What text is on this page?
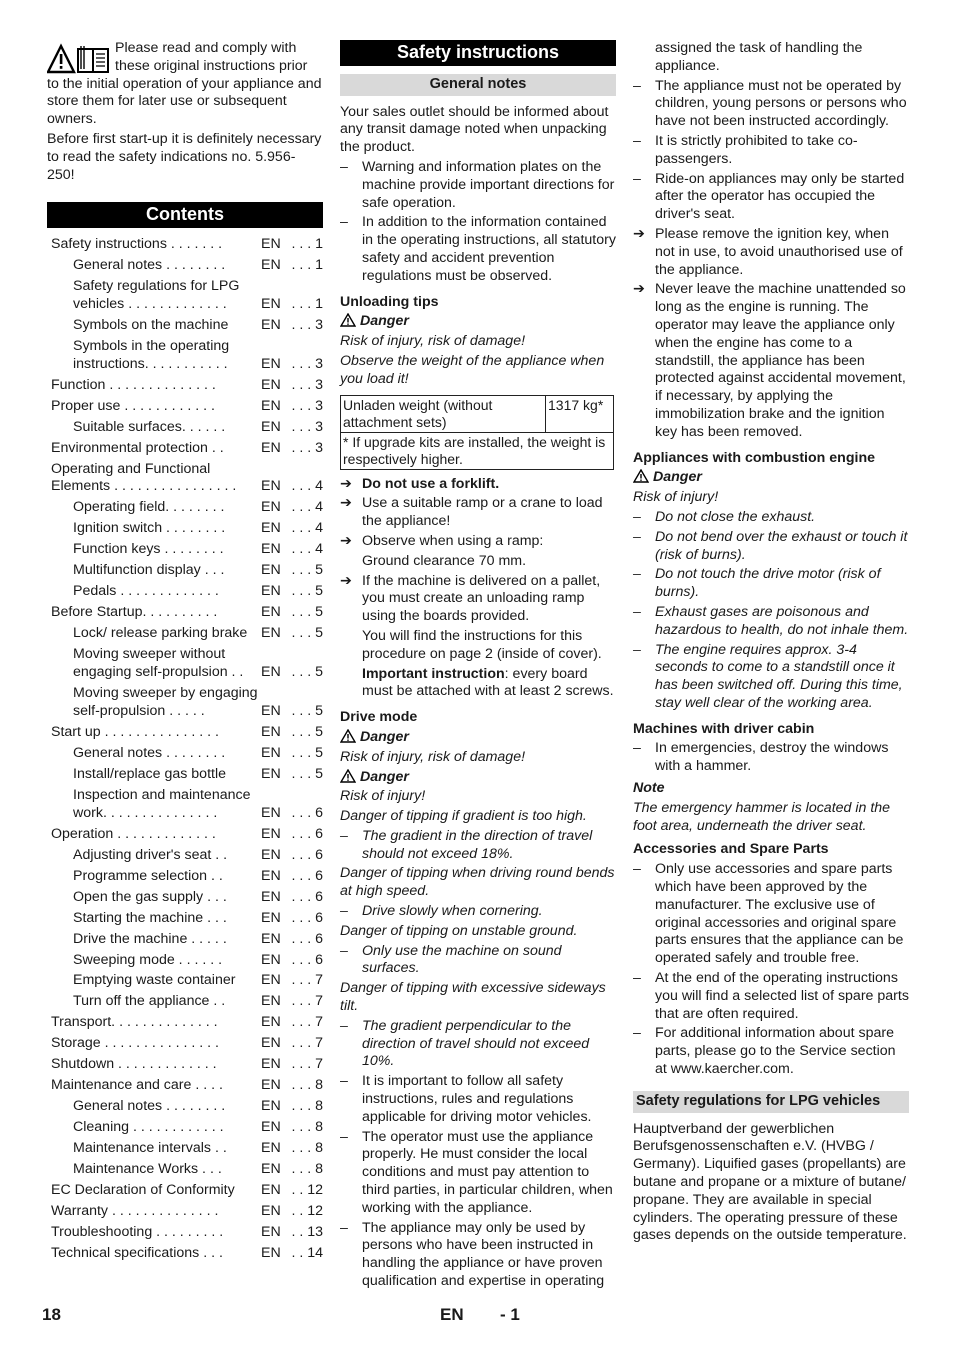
Please read and comply with these original instructions prior to the initial operation of your appliance and store them for later use or subsequent owners.

Before first start-up it is definitely necessary to read the safety indications no. 5.956-250!

Contents
Safety instructions . . . . . . .	EN . . . 1
General notes . . . . . . . .	EN . . . 1
Safety regulations for LPG vehicles . . . . . . . . . . . . .	EN . . . 1
Symbols on the machine	EN . . . 3
Symbols in the operating instructions. . . . . . . . . . .	EN . . . 3
Function . . . . . . . . . . . . . .	EN . . . 3
Proper use . . . . . . . . . . . .	EN . . . 3
Suitable surfaces. . . . . .	EN . . . 3
Environmental protection . .	EN . . . 3
Operating and Functional Elements . . . . . . . . . . . . . . . .	EN . . . 4
Operating field. . . . . . . .	EN . . . 4
Ignition switch . . . . . . . .	EN . . . 4
Function keys . . . . . . . .	EN . . . 4
Multifunction display . . .	EN . . . 5
Pedals . . . . . . . . . . . . .	EN . . . 5
Before Startup. . . . . . . . . .	EN . . . 5
Lock/ release parking brake EN . . . 5
Moving sweeper without engaging self-propulsion . .	EN . . . 5
Moving sweeper by engaging self-propulsion . . . . .	EN . . . 5
Start up . . . . . . . . . . . . . . .	EN . . . 5
General notes . . . . . . . .	EN . . . 5
Install/replace gas bottle	EN . . . 5
Inspection and maintenance work. . . . . . . . . . . . . . .	EN . . . 6
Operation . . . . . . . . . . . . .	EN . . . 6
Adjusting driver's seat . .	EN . . . 6
Programme selection . .	EN . . . 6
Open the gas supply . . .	EN . . . 6
Starting the machine . . .	EN . . . 6
Drive the machine . . . . .	EN . . . 6
Sweeping mode . . . . . .	EN . . . 6
Emptying waste container	EN . . . 7
Turn off the appliance . .	EN . . . 7
Transport. . . . . . . . . . . . . .	EN . . . 7
Storage . . . . . . . . . . . . . . .	EN . . . 7
Shutdown . . . . . . . . . . . . .	EN . . . 7
Maintenance and care . . . .	EN . . . 8
General notes . . . . . . . .	EN . . . 8
Cleaning . . . . . . . . . . . .	EN . . . 8
Maintenance intervals . .	EN . . . 8
Maintenance Works . . .	EN . . . 8
EC Declaration of Conformity	EN . . 12
Warranty . . . . . . . . . . . . . .	EN . . 12
Troubleshooting . . . . . . . . .	EN . . 13
Technical specifications . . .	EN . . 14
Safety instructions
General notes

Your sales outlet should be informed about any transit damage noted when unpacking the product.

– Warning and information plates on the machine provide important directions for safe operation.
– In addition to the information contained in the operating instructions, all statutory safety and accident prevention regulations must be observed.
Unloading tips
Danger

Risk of injury, risk of damage!

Observe the weight of the appliance when you load it!

Unladen weight (without attachment sets)	1317 kg*
* If upgrade kits are installed, the weight is respectively higher.
➔ Do not use a forklift.
➔ Use a suitable ramp or a crane to load the appliance!
➔ Observe when using a ramp:
Ground clearance 70 mm.
➔ If the machine is delivered on a pallet, you must create an unloading ramp using the boards provided.
You will find the instructions for this procedure on page 2 (inside of cover).
Important instruction: every board must be attached with at least 2 screws.
Drive mode
Danger

Risk of injury, risk of damage!

Danger

Risk of injury!

Danger of tipping if gradient is too high.

– The gradient in the direction of travel should not exceed 18%.

Danger of tipping when driving round bends at high speed.

– Drive slowly when cornering.

Danger of tipping on unstable ground.

– Only use the machine on sound surfaces.

Danger of tipping with excessive sideways tilt.

– The gradient perpendicular to the direction of travel should not exceed 10%.
– It is important to follow all safety instructions, rules and regulations applicable for driving motor vehicles.
– The operator must use the appliance properly. He must consider the local conditions and must pay attention to third parties, in particular children, when working with the appliance.
– The appliance may only be used by persons who have been instructed in handling the appliance or have proven qualification and expertise in operating
assigned the task of handling the appliance.
– The appliance must not be operated by children, young persons or persons who have not been instructed accordingly.
– It is strictly prohibited to take co-passengers.
– Ride-on appliances may only be started after the operator has occupied the driver's seat.
➔ Please remove the ignition key, when not in use, to avoid unauthorised use of the appliance.
➔ Never leave the machine unattended so long as the engine is running. The operator may leave the appliance only when the engine has come to a standstill, the appliance has been protected against accidental movement, if necessary, by applying the immobilization brake and the ignition key has been removed.
Appliances with combustion engine
Danger

Risk of injury!

– Do not close the exhaust.
– Do not bend over the exhaust or touch it (risk of burns).
– Do not touch the drive motor (risk of burns).
– Exhaust gases are poisonous and hazardous to health, do not inhale them.
– The engine requires approx. 3-4 seconds to come to a standstill once it has been switched off. During this time, stay well clear of the working area.
Machines with driver cabin
– In emergencies, destroy the windows with a hammer.
Note

The emergency hammer is located in the foot area, underneath the driver seat.

Accessories and Spare Parts
– Only use accessories and spare parts which have been approved by the manufacturer. The exclusive use of original accessories and original spare parts ensures that the appliance can be operated safely and trouble free.
– At the end of the operating instructions you will find a selected list of spare parts that are often required.
– For additional information about spare parts, please go to the Service section at www.kaercher.com.
Safety regulations for LPG vehicles

Hauptverband der gewerblichen Berufsgenossenschaften e.V. (HVBG / Germany). Liquified gases (propellants) are butane and propane or a mixture of butane/ propane. They are available in special cylinders. The operating pressure of these gases depends on the outside temperature.

18	EN - 1
